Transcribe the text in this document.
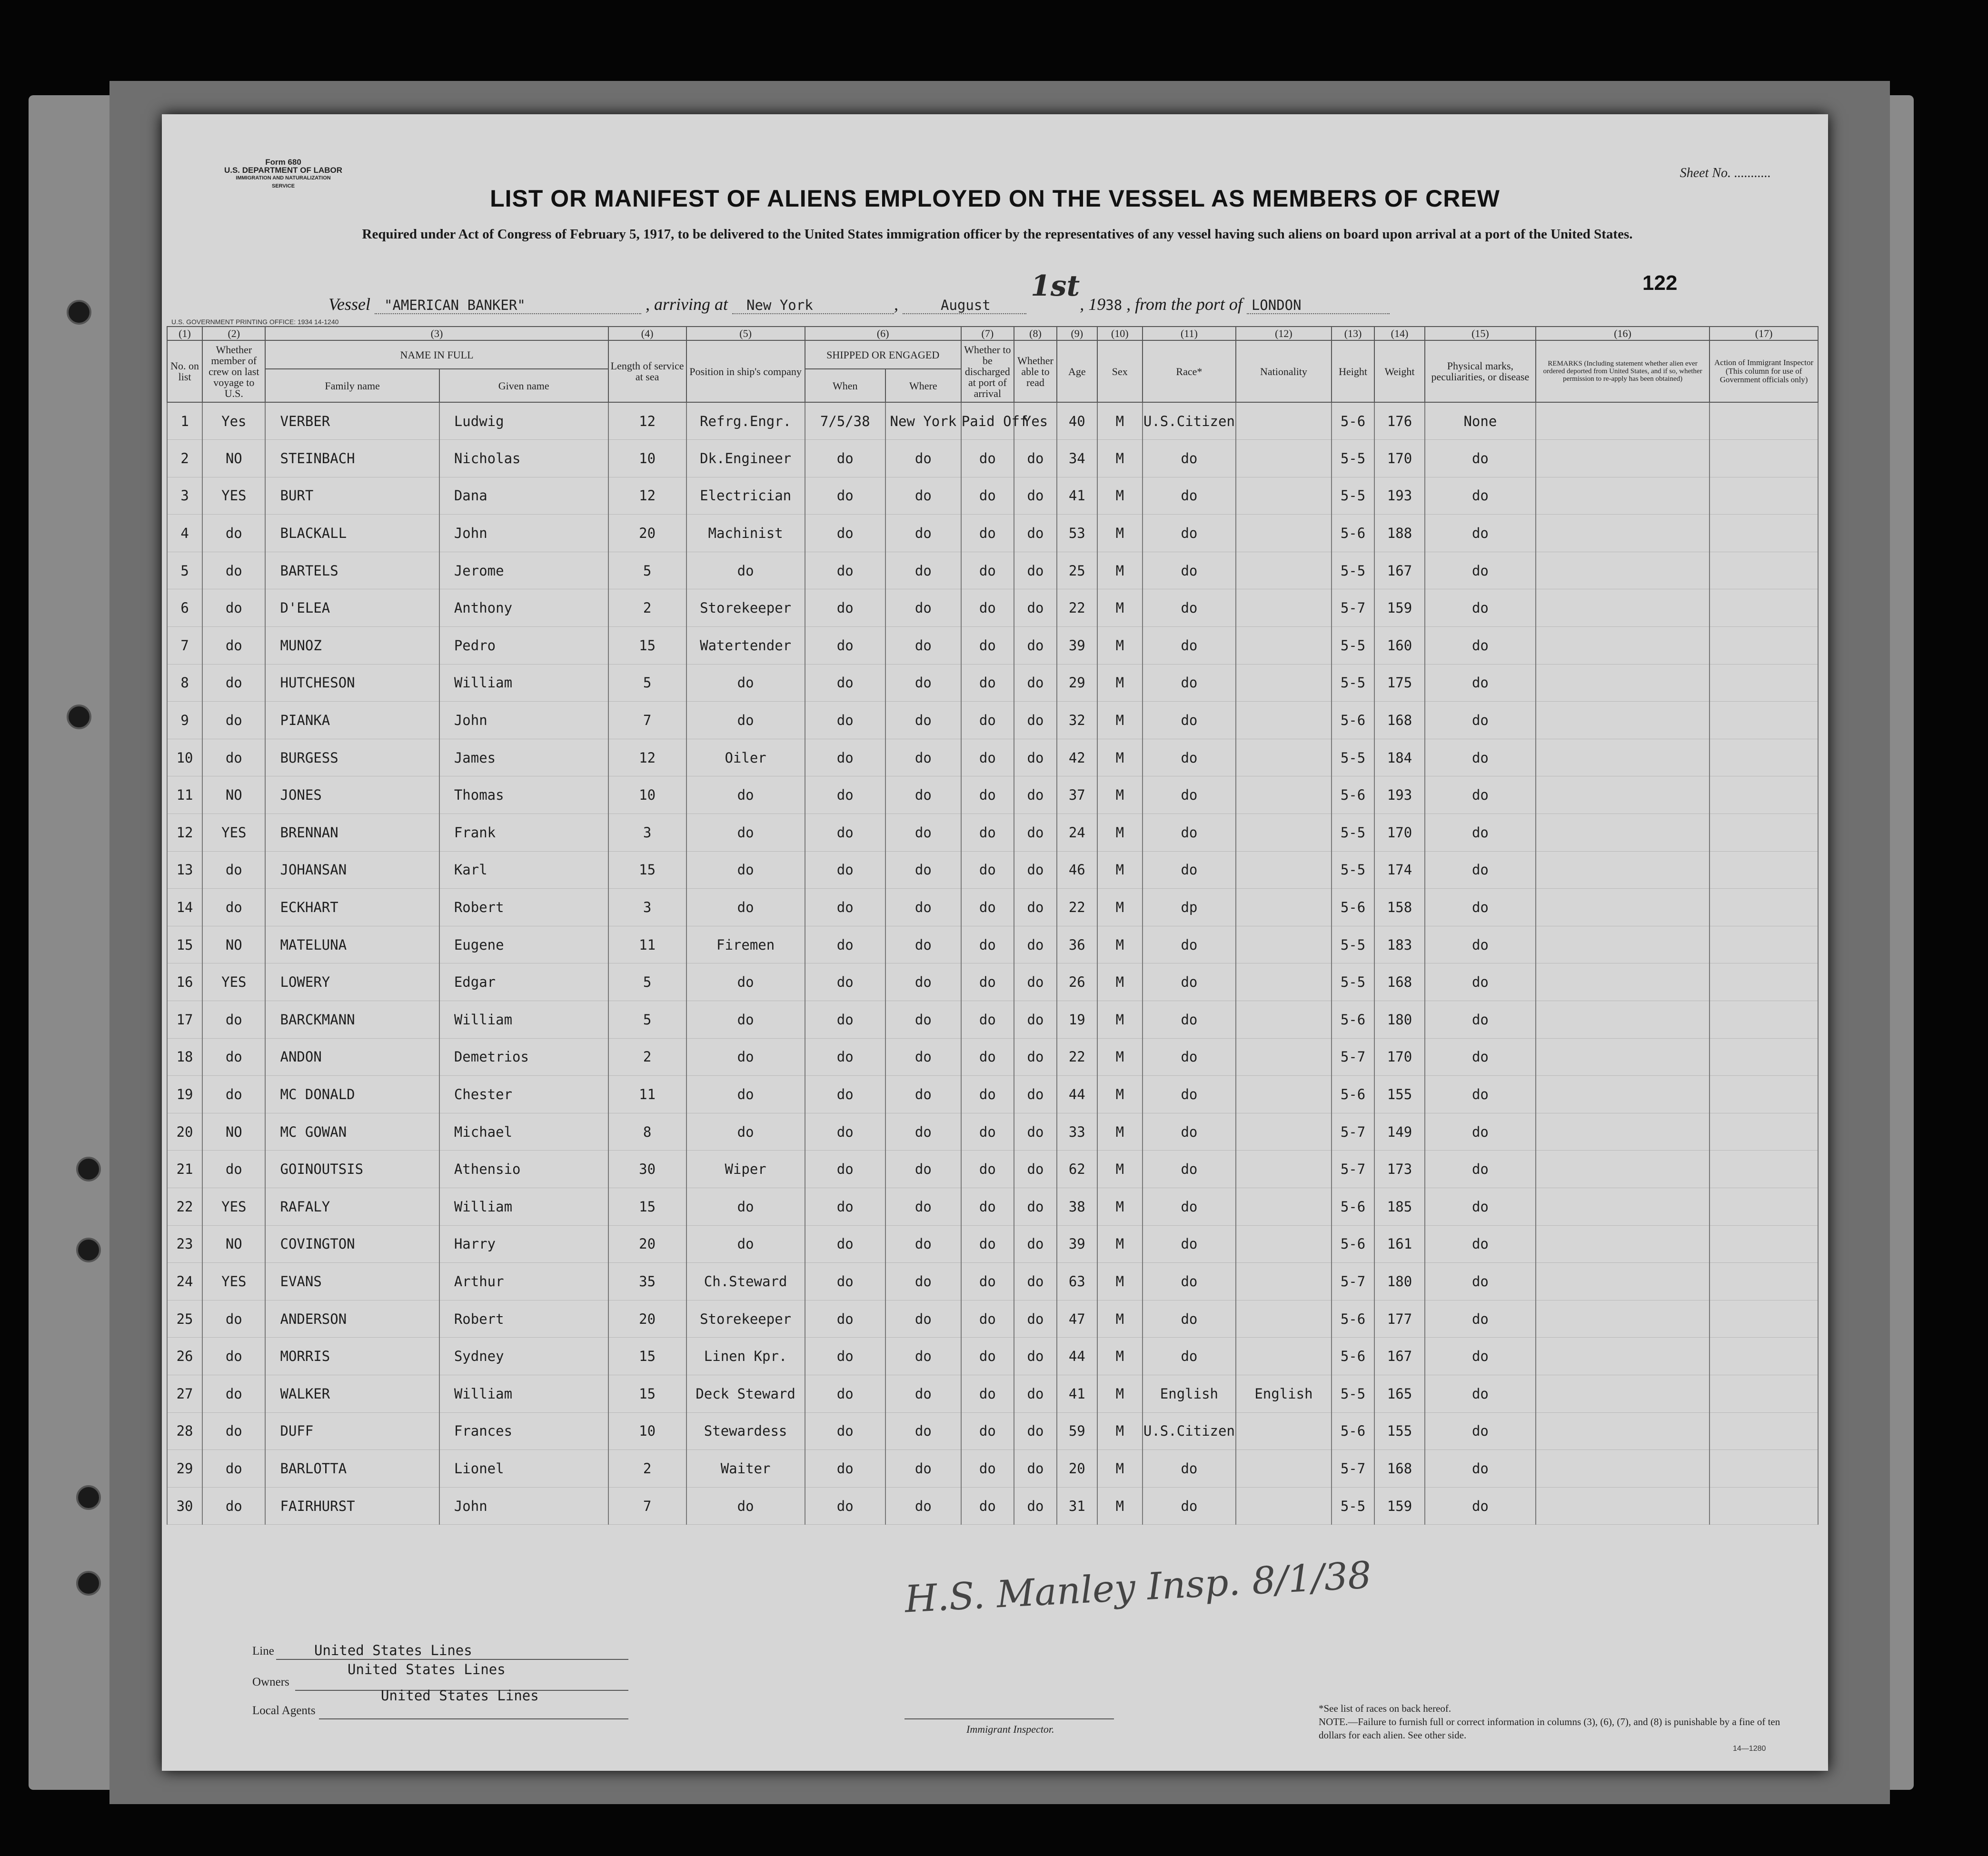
Form 680
U.S. DEPARTMENT OF LABOR
IMMIGRATION AND NATURALIZATION SERVICE
Sheet No. ...........
LIST OR MANIFEST OF ALIENS EMPLOYED ON THE VESSEL AS MEMBERS OF CREW
Required under Act of Congress of February 5, 1917, to be delivered to the United States immigration officer by the representatives of any vessel having such aliens on board upon arrival at a port of the United States.
Vessel "AMERICAN BANKER"	, arriving at New York	,	August 1st, 1938 , from the port of LONDON
122
U.S. GOVERNMENT PRINTING OFFICE: 1934 14-1240
(1)	(2)	(3)		(4)	(5)	(6)		(7)	(8)	(9)	(10)	(11)	(12)	(13)	(14)	(15)	(16)	(17)
No. on list	Whether member of crew on last voyage to U.S.	NAME IN FULL		Length of service at sea	Position in ship's company	SHIPPED OR ENGAGED		Whether to be discharged at port of arrival	Whether able to read	Age	Sex	Race*	Nationality	Height	Weight	Physical marks, peculiarities, or disease	REMARKS (Including statement whether alien ever ordered deported from United States, and if so, whether permission to re-apply has been obtained)	Action of Immigrant Inspector (This column for use of Government officials only)
		Family name	Given name			When	Where											
1	Yes	VERBER	Ludwig	12	Refrg.Engr.	7/5/38	New York	Paid Off	Yes	40	M	U.S.Citizen		5-6	176	None		
2	NO	STEINBACH	Nicholas	10	Dk.Engineer	do	do	do	do	34	M	do		5-5	170	do		
3	YES	BURT	Dana	12	Electrician	do	do	do	do	41	M	do		5-5	193	do		
4	do	BLACKALL	John	20	Machinist	do	do	do	do	53	M	do		5-6	188	do		
5	do	BARTELS	Jerome	5	do	do	do	do	do	25	M	do		5-5	167	do		
6	do	D'ELEA	Anthony	2	Storekeeper	do	do	do	do	22	M	do		5-7	159	do		
7	do	MUNOZ	Pedro	15	Watertender	do	do	do	do	39	M	do		5-5	160	do		
8	do	HUTCHESON	William	5	do	do	do	do	do	29	M	do		5-5	175	do		
9	do	PIANKA	John	7	do	do	do	do	do	32	M	do		5-6	168	do		
10	do	BURGESS	James	12	Oiler	do	do	do	do	42	M	do		5-5	184	do		
11	NO	JONES	Thomas	10	do	do	do	do	do	37	M	do		5-6	193	do		
12	YES	BRENNAN	Frank	3	do	do	do	do	do	24	M	do		5-5	170	do		
13	do	JOHANSAN	Karl	15	do	do	do	do	do	46	M	do		5-5	174	do		
14	do	ECKHART	Robert	3	do	do	do	do	do	22	M	dp		5-6	158	do		
15	NO	MATELUNA	Eugene	11	Firemen	do	do	do	do	36	M	do		5-5	183	do		
16	YES	LOWERY	Edgar	5	do	do	do	do	do	26	M	do		5-5	168	do		
17	do	BARCKMANN	William	5	do	do	do	do	do	19	M	do		5-6	180	do		
18	do	ANDON	Demetrios	2	do	do	do	do	do	22	M	do		5-7	170	do		
19	do	MC DONALD	Chester	11	do	do	do	do	do	44	M	do		5-6	155	do		
20	NO	MC GOWAN	Michael	8	do	do	do	do	do	33	M	do		5-7	149	do		
21	do	GOINOUTSIS	Athensio	30	Wiper	do	do	do	do	62	M	do		5-7	173	do		
22	YES	RAFALY	William	15	do	do	do	do	do	38	M	do		5-6	185	do		
23	NO	COVINGTON	Harry	20	do	do	do	do	do	39	M	do		5-6	161	do		
24	YES	EVANS	Arthur	35	Ch.Steward	do	do	do	do	63	M	do		5-7	180	do		
25	do	ANDERSON	Robert	20	Storekeeper	do	do	do	do	47	M	do		5-6	177	do		
26	do	MORRIS	Sydney	15	Linen Kpr.	do	do	do	do	44	M	do		5-6	167	do		
27	do	WALKER	William	15	Deck Steward	do	do	do	do	41	M	English	English	5-5	165	do		
28	do	DUFF	Frances	10	Stewardess	do	do	do	do	59	M	U.S.Citizen		5-6	155	do		
29	do	BARLOTTA	Lionel	2	Waiter	do	do	do	do	20	M	do		5-7	168	do		
30	do	FAIRHURST	John	7	do	do	do	do	do	31	M	do		5-5	159	do		
H.S. Manley Insp. 8/1/38
Line	United States Lines
Owners
United States Lines
Local Agents
United States Lines
Immigrant Inspector.
*See list of races on back hereof.
NOTE.—Failure to furnish full or correct information in columns (3), (6), (7), and (8) is punishable by a fine of ten dollars for each alien. See other side.
14—1280
